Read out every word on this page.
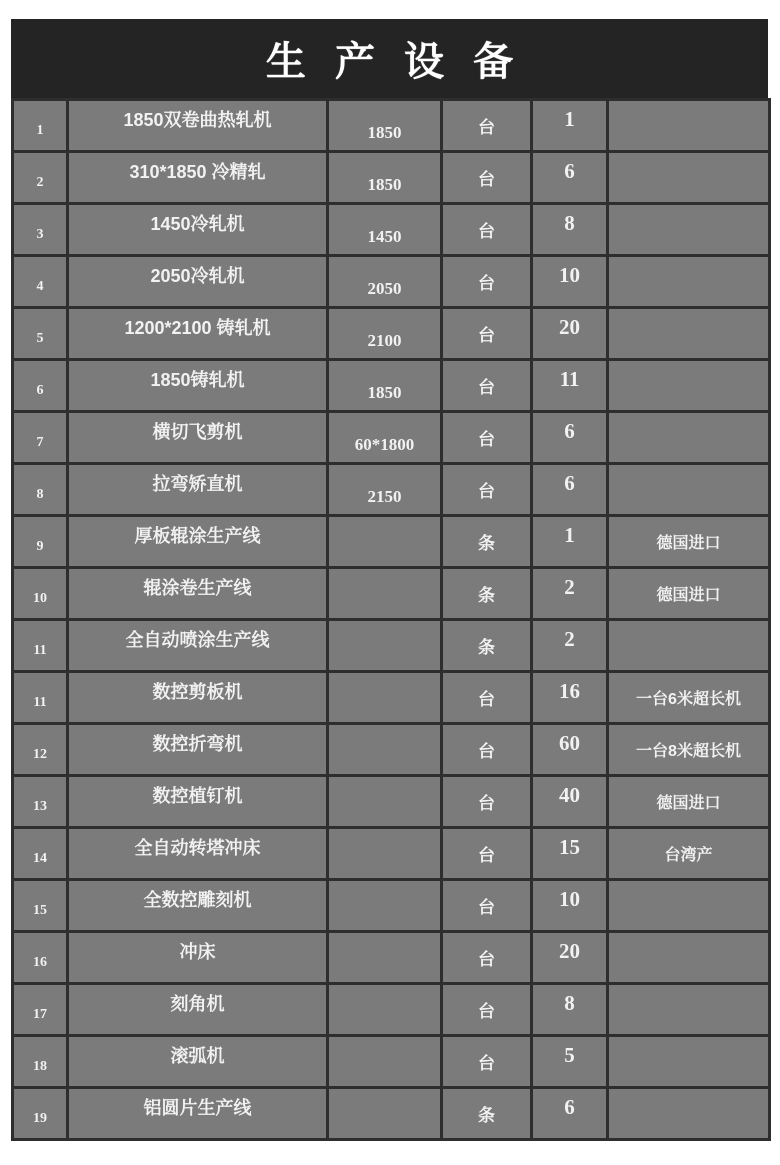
生 产 设 备
1	1850双卷曲热轧机	1850	台	1	
2	310*1850 冷精轧	1850	台	6	
3	1450冷轧机	1450	台	8	
4	2050冷轧机	2050	台	10	
5	1200*2100 铸轧机	2100	台	20	
6	1850铸轧机	1850	台	11	
7	横切飞剪机	60*1800	台	6	
8	拉弯矫直机	2150	台	6	
9	厚板辊涂生产线		条	1	德国进口
10	辊涂卷生产线		条	2	德国进口
11	全自动喷涂生产线		条	2	
11	数控剪板机		台	16	一台6米超长机
12	数控折弯机		台	60	一台8米超长机
13	数控植钉机		台	40	德国进口
14	全自动转塔冲床		台	15	台湾产
15	全数控雕刻机		台	10	
16	冲床		台	20	
17	刻角机		台	8	
18	滚弧机		台	5	
19	铝圆片生产线		条	6	
